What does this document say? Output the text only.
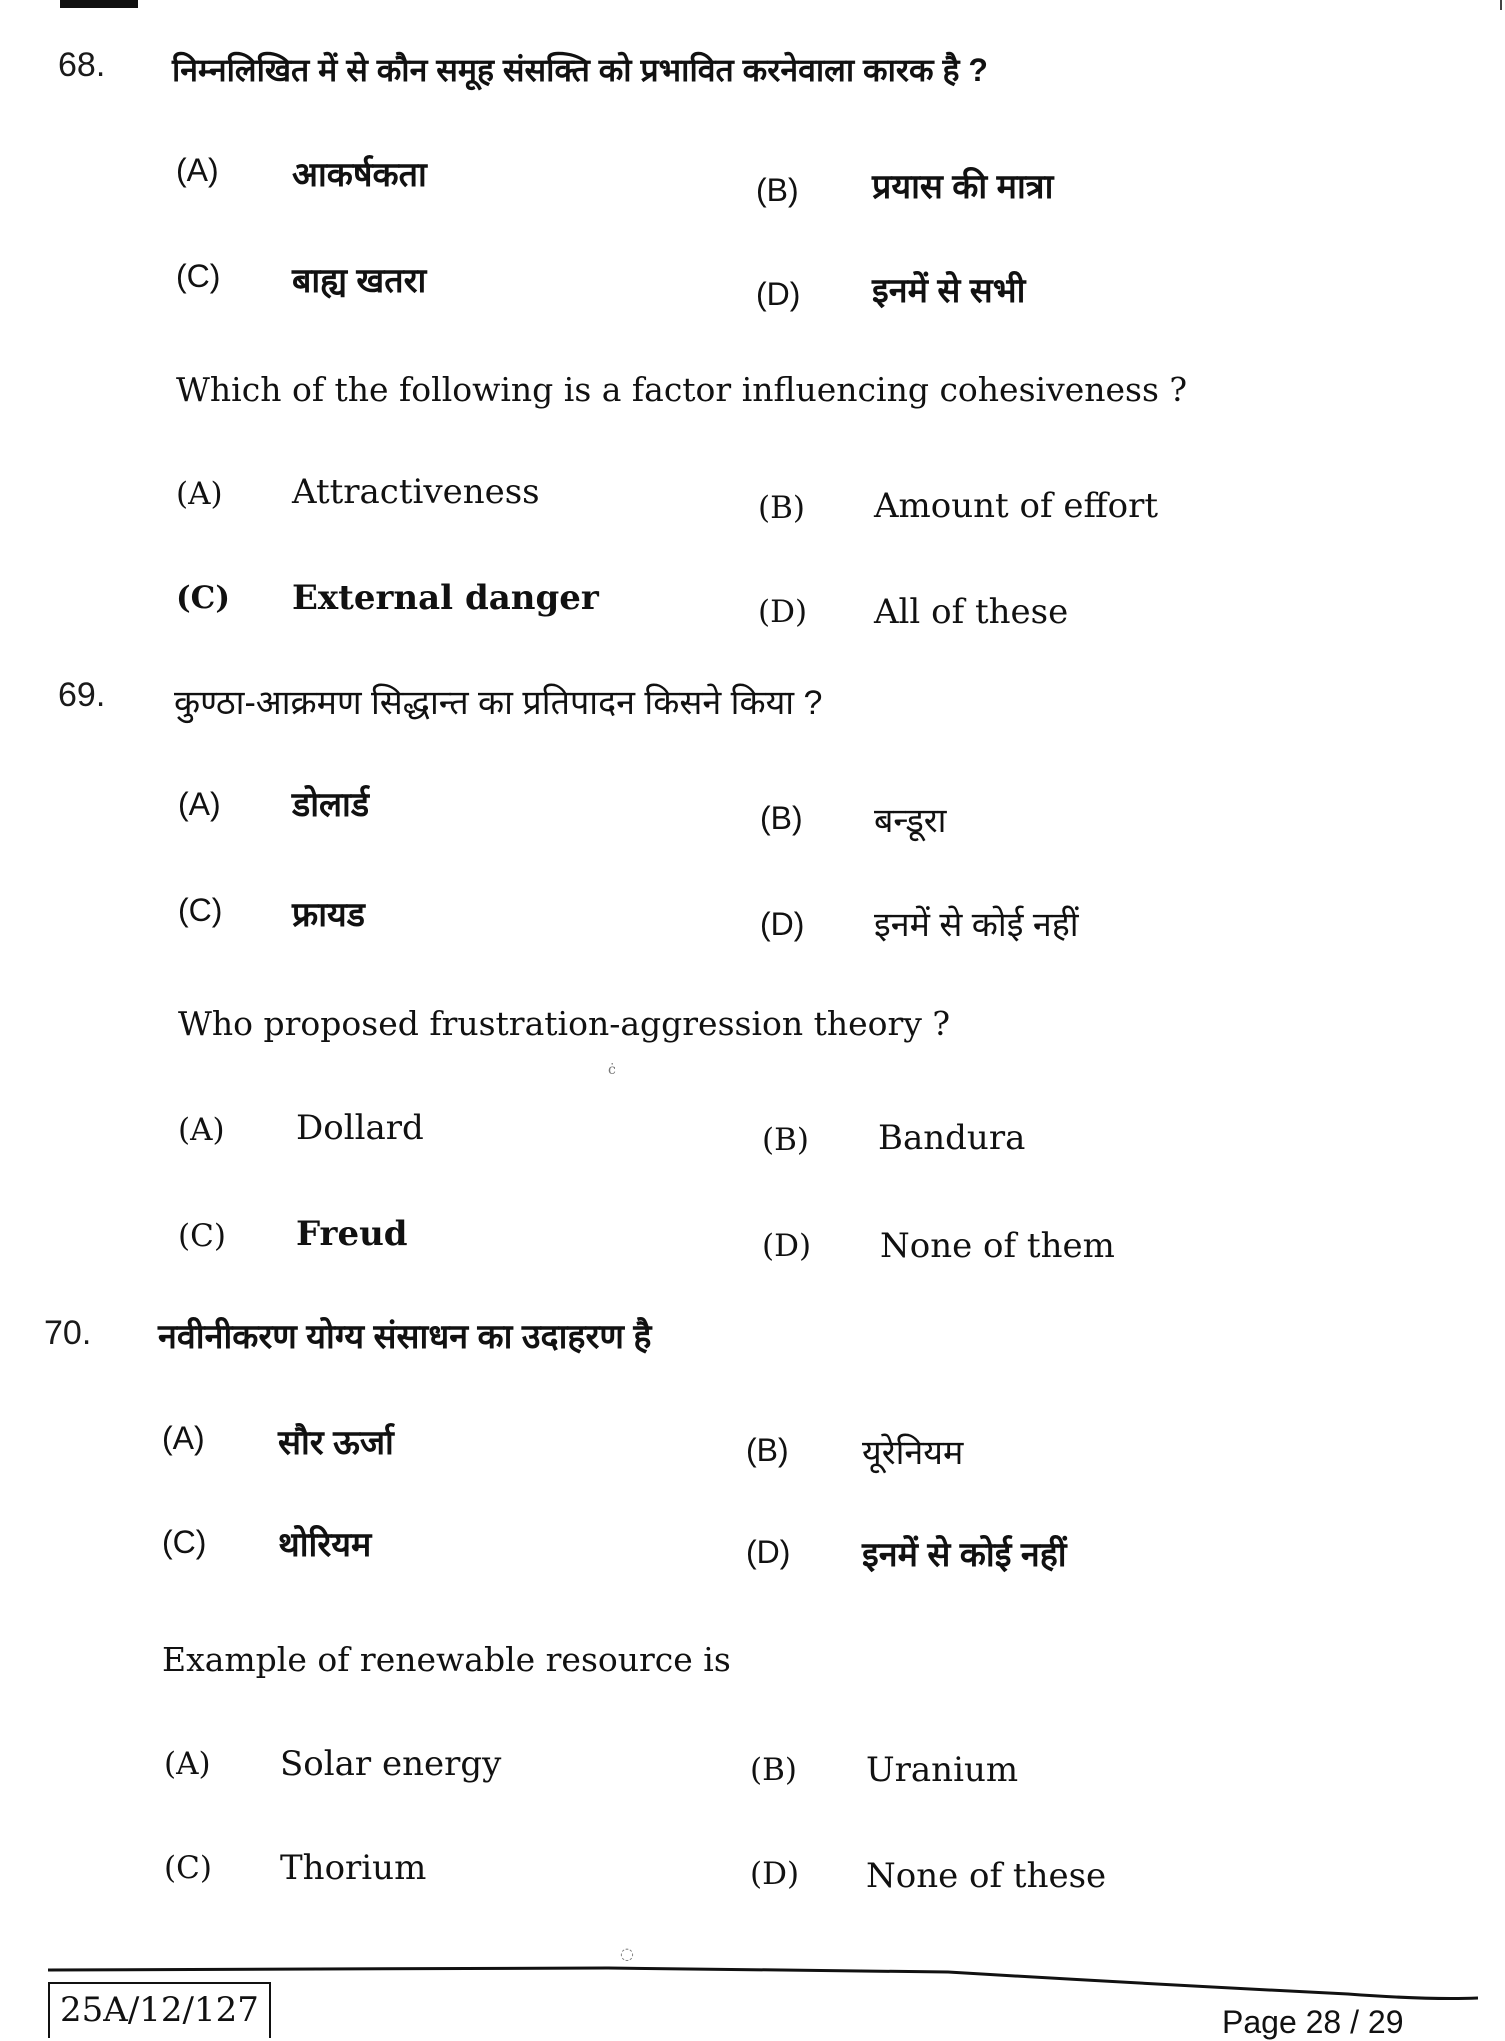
68. निम्नलिखित में से कौन समूह संसक्ति को प्रभावित करनेवाला कारक है ?
(A) आकर्षकता	(B) प्रयास की मात्रा
(C) बाह्य खतरा	(D) इनमें से सभी
Which of the following is a factor influencing cohesiveness ?
(A) Attractiveness	(B) Amount of effort
(C) External danger	(D) All of these
69. कुण्ठा-आक्रमण सिद्धान्त का प्रतिपादन किसने किया ?
(A) डोलार्ड	(B) बन्डूरा
(C) फ्रायड	(D) इनमें से कोई नहीं
Who proposed frustration-aggression theory ?
ċ
(A) Dollard	(B) Bandura
(C) Freud	(D) None of them
70. नवीनीकरण योग्य संसाधन का उदाहरण है
(A) सौर ऊर्जा	(B) यूरेनियम
(C) थोरियम	(D) इनमें से कोई नहीं
Example of renewable resource is
(A) Solar energy	(B) Uranium
(C) Thorium	(D) None of these
◌
25A/12/127	Page 28 / 29
